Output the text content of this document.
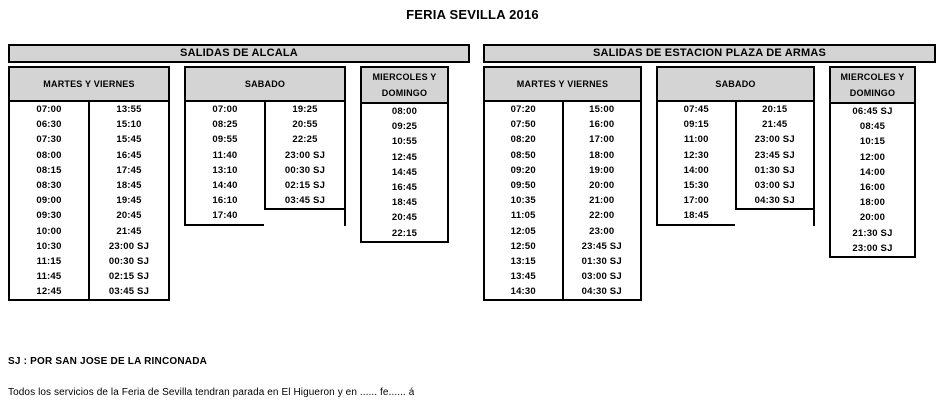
FERIA SEVILLA 2016
SALIDAS DE ALCALA
MARTES Y VIERNES
07:00
06:30
07:30
08:00
08:15
08:30
09:00
09:30
10:00
10:30
11:15
11:45
12:45
13:55
15:10
15:45
16:45
17:45
18:45
19:45
20:45
21:45
23:00 SJ
00:30 SJ
02:15 SJ
03:45 SJ
SABADO
07:00
08:25
09:55
11:40
13:10
14:40
16:10
17:40
19:25
20:55
22:25
23:00 SJ
00:30 SJ
02:15 SJ
03:45 SJ
MIERCOLES Y
DOMINGO
08:00
09:25
10:55
12:45
14:45
16:45
18:45
20:45
22:15
SALIDAS DE ESTACION PLAZA DE ARMAS
MARTES Y VIERNES
07:20
07:50
08:20
08:50
09:20
09:50
10:35
11:05
12:05
12:50
13:15
13:45
14:30
15:00
16:00
17:00
18:00
19:00
20:00
21:00
22:00
23:00
23:45 SJ
01:30 SJ
03:00 SJ
04:30 SJ
SABADO
07:45
09:15
11:00
12:30
14:00
15:30
17:00
18:45
20:15
21:45
23:00 SJ
23:45 SJ
01:30 SJ
03:00 SJ
04:30 SJ
MIERCOLES Y
DOMINGO
06:45 SJ
08:45
10:15
12:00
14:00
16:00
18:00
20:00
21:30 SJ
23:00 SJ
SJ : POR SAN JOSE DE LA RINCONADA
Todos los servicios de la Feria de Sevilla tendran parada en El Higueron y en ...... fe...... á
